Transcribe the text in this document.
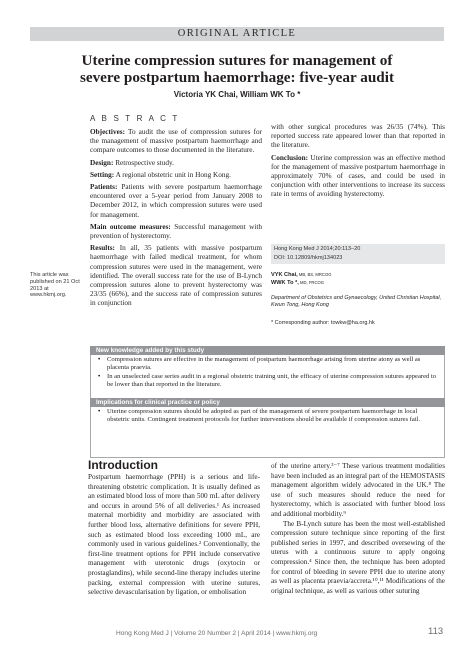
ORIGINAL ARTICLE
Uterine compression sutures for management of
severe postpartum haemorrhage: five-year audit
Victoria YK Chai, William WK To *
A B S T R A C T
Objectives: To audit the use of compression sutures for the management of massive postpartum haemorrhage and compare outcomes to those documented in the literature.
Design: Retrospective study.
Setting: A regional obstetric unit in Hong Kong.
Patients: Patients with severe postpartum haemorrhage encountered over a 5-year period from January 2008 to December 2012, in which compression sutures were used for management.
Main outcome measures: Successful management with prevention of hysterectomy.
Results: In all, 35 patients with massive postpartum haemorrhage with failed medical treatment, for whom compression sutures were used in the management, were identified. The overall success rate for the use of B-Lynch compression sutures alone to prevent hysterectomy was 23/35 (66%), and the success rate of compression sutures in conjunction
with other surgical procedures was 26/35 (74%). This reported success rate appeared lower than that reported in the literature.
Conclusion: Uterine compression was an effective method for the management of massive postpartum haemorrhage in approximately 70% of cases, and could be used in conjunction with other interventions to increase its success rate in terms of avoiding hysterectomy.
This article was published on 21 Oct 2013 at www.hkmj.org.
Hong Kong Med J 2014;20:113–20
DOI: 10.12809/hkmj134023
VYK Chai, MB, BS, MRCOG
WWK To *, MD, FRCOG
Department of Obstetrics and Gynaecology, United Christian Hospital, Kwun Tong, Hong Kong
* Corresponding author: towkw@ha.org.hk
New knowledge added by this study
•	Compression sutures are effective in the management of postpartum haemorrhage arising from uterine atony as well as placenta praevia.
•	In an unselected case series audit in a regional obstetric training unit, the efficacy of uterine compression sutures appeared to be lower than that reported in the literature.
Implications for clinical practice or policy
•	Uterine compression sutures should be adopted as part of the management of severe postpartum haemorrhage in local obstetric units. Contingent treatment protocols for further interventions should be available if compression sutures fail.
Introduction
Postpartum haemorrhage (PPH) is a serious and life-threatening obstetric complication. It is usually defined as an estimated blood loss of more than 500 mL after delivery and occurs in around 5% of all deliveries.¹ As increased maternal morbidity and morbidity are associated with further blood loss, alternative definitions for severe PPH, such as estimated blood loss exceeding 1000 mL, are commonly used in various guidelines.² Conventionally, the first-line treatment options for PPH include conservative management with uterotonic drugs (oxytocin or prostaglandins), while second-line therapy includes uterine packing, external compression with uterine sutures, selective devascularisation by ligation, or embolisation

of the uterine artery.³⁻⁷ These various treatment modalities have been included as an integral part of the HEMOSTASIS management algorithm widely advocated in the UK.⁸ The use of such measures should reduce the need for hysterectomy, which is associated with further blood loss and additional morbidity.⁹

The B-Lynch suture has been the most well-established compression suture technique since reporting of the first published series in 1997, and described oversewing of the uterus with a continuous suture to apply ongoing compression.⁴ Since then, the technique has been adopted for control of bleeding in severe PPH due to uterine atony as well as placenta praevia/accreta.¹⁰,¹¹ Modifications of the original technique, as well as various other suturing

Hong Kong Med J | Volume 20 Number 2 | April 2014 | www.hkmj.org	113
